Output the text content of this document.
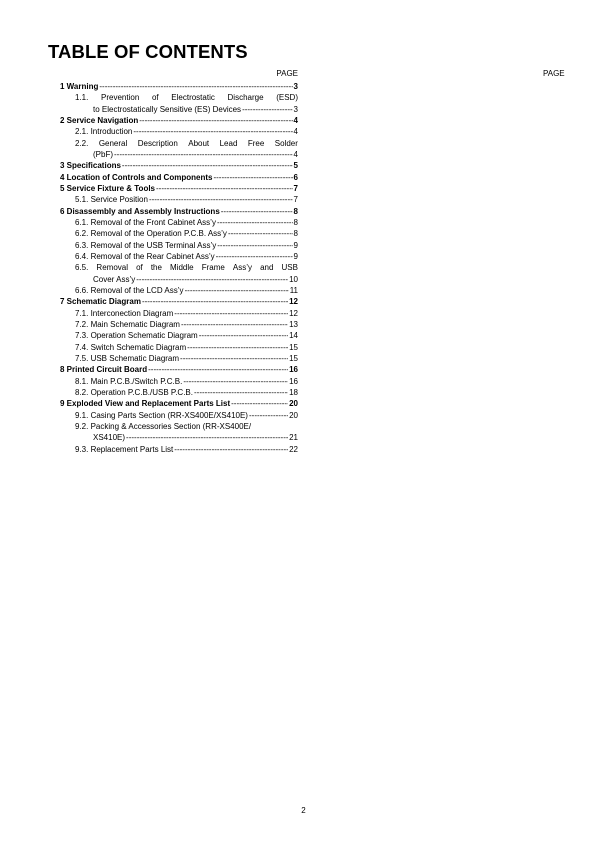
TABLE OF CONTENTS
PAGE	PAGE
1 Warning -----	3
1.1. Prevention of Electrostatic Discharge (ESD)
to Electrostatically Sensitive (ES) Devices -----	3
2 Service Navigation -----	4
2.1. Introduction -----	4
2.2. General Description About Lead Free Solder
(PbF) -----	4
3 Specifications -----	5
4 Location of Controls and Components -----	6
5 Service Fixture & Tools -----	7
5.1. Service Position -----	7
6 Disassembly and Assembly Instructions -----	8
6.1. Removal of the Front Cabinet Ass’y -----	8
6.2. Removal of the Operation P.C.B. Ass’y -----	8
6.3. Removal of the USB Terminal Ass’y -----	9
6.4. Removal of the Rear Cabinet Ass’y -----	9
6.5. Removal of the Middle Frame Ass’y and USB
Cover Ass’y -----	10
6.6. Removal of the LCD Ass’y -----	11
7 Schematic Diagram -----	12
7.1. Interconection Diagram -----	12
7.2. Main Schematic Diagram -----	13
7.3. Operation Schematic Diagram -----	14
7.4. Switch Schematic Diagram -----	15
7.5. USB Schematic Diagram -----	15
8 Printed Circuit Board -----	16
8.1. Main P.C.B./Switch P.C.B. -----	16
8.2. Operation P.C.B./USB P.C.B. -----	18
9 Exploded View and Replacement Parts List -----	20
9.1. Casing Parts Section (RR-XS400E/XS410E) -----	20
9.2. Packing & Accessories Section (RR-XS400E/
XS410E) -----	21
9.3. Replacement Parts List -----	22
2
